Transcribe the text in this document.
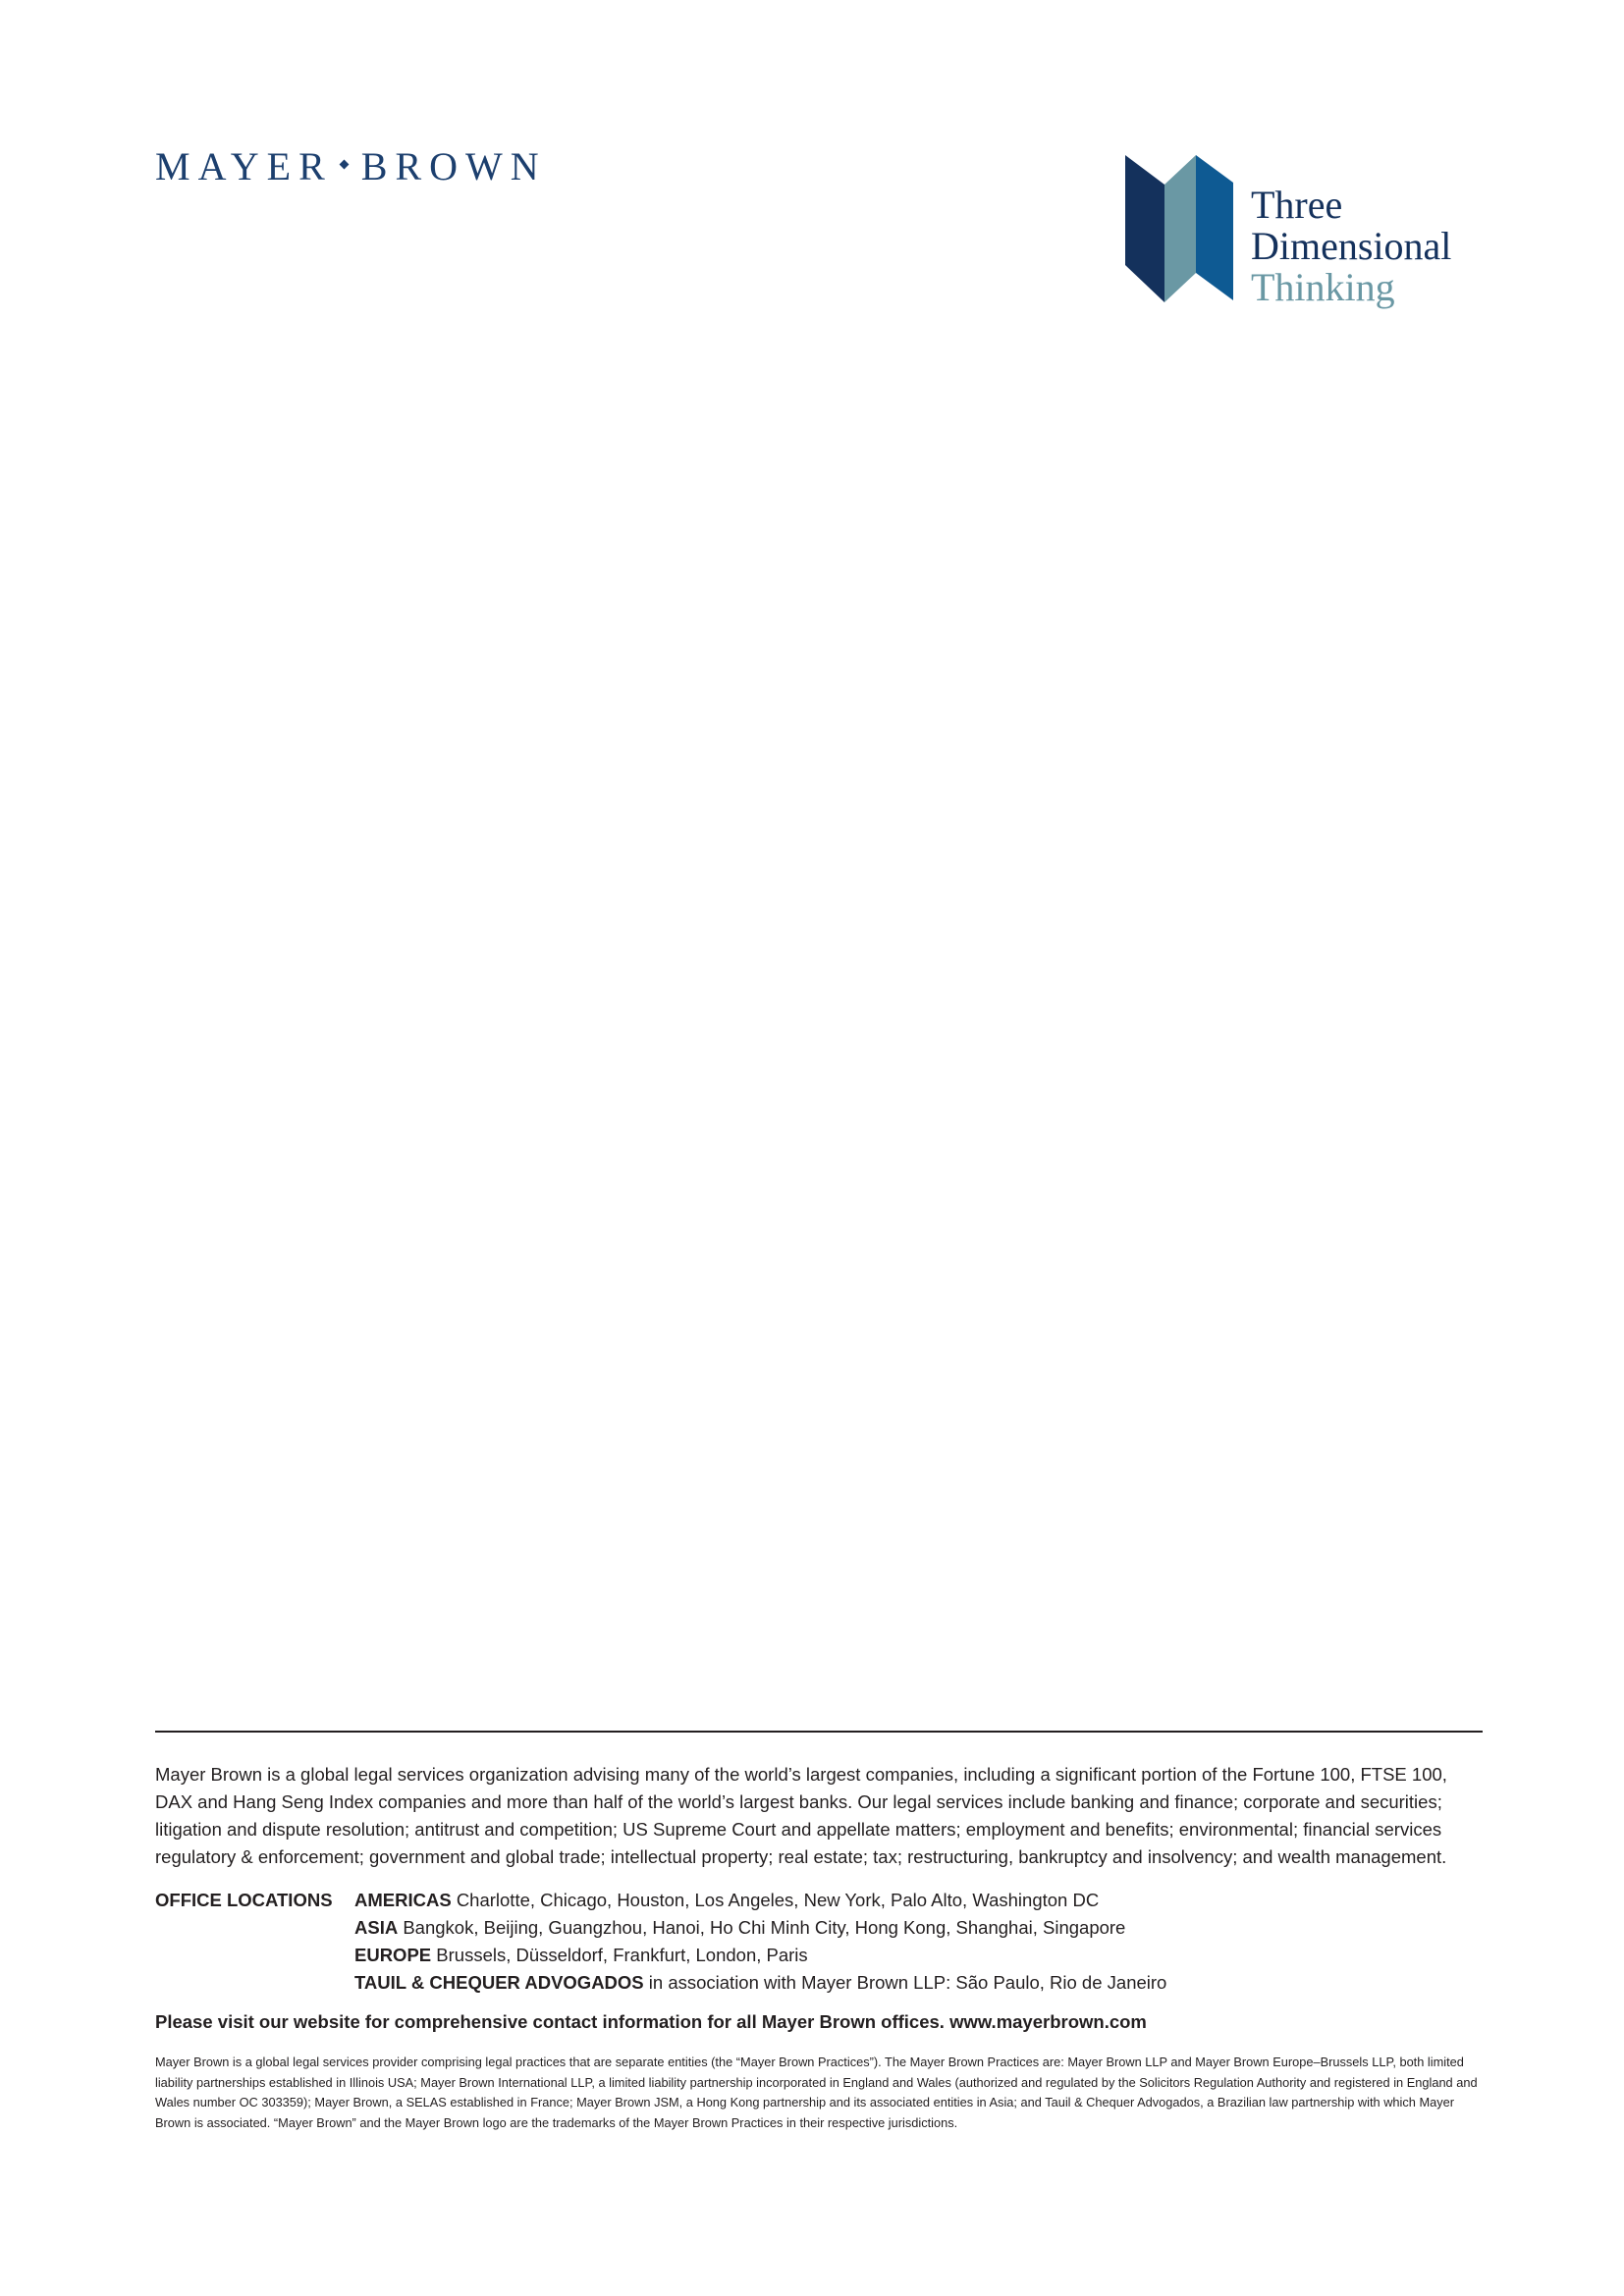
MAYER BROWN
Three
Dimensional
Thinking

Mayer Brown is a global legal services organization advising many of the world’s largest companies, including a significant portion of the Fortune 100, FTSE 100, DAX and Hang Seng Index companies and more than half of the world’s largest banks. Our legal services include banking and finance; corporate and securities; litigation and dispute resolution; antitrust and competition; US Supreme Court and appellate matters; employment and benefits; environmental; financial services regulatory & enforcement; government and global trade; intellectual property; real estate; tax; restructuring, bankruptcy and insolvency; and wealth management.

OFFICE LOCATIONS AMERICAS Charlotte, Chicago, Houston, Los Angeles, New York, Palo Alto, Washington DC
ASIA Bangkok, Beijing, Guangzhou, Hanoi, Ho Chi Minh City, Hong Kong, Shanghai, Singapore
EUROPE Brussels, Düsseldorf, Frankfurt, London, Paris
TAUIL & CHEQUER ADVOGADOS in association with Mayer Brown LLP: São Paulo, Rio de Janeiro
Please visit our website for comprehensive contact information for all Mayer Brown offices. www.mayerbrown.com

Mayer Brown is a global legal services provider comprising legal practices that are separate entities (the “Mayer Brown Practices”). The Mayer Brown Practices are: Mayer Brown LLP and Mayer Brown Europe–Brussels LLP, both limited liability partnerships established in Illinois USA; Mayer Brown International LLP, a limited liability partnership incorporated in England and Wales (authorized and regulated by the Solicitors Regulation Authority and registered in England and Wales number OC 303359); Mayer Brown, a SELAS established in France; Mayer Brown JSM, a Hong Kong partnership and its associated entities in Asia; and Tauil & Chequer Advogados, a Brazilian law partnership with which Mayer Brown is associated. “Mayer Brown” and the Mayer Brown logo are the trademarks of the Mayer Brown Practices in their respective jurisdictions.
